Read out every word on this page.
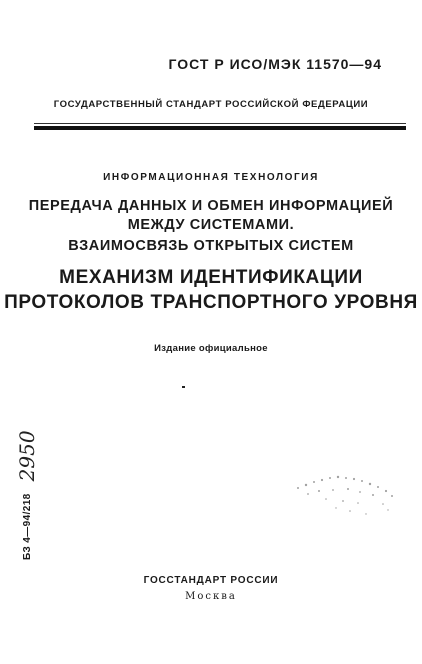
ГОСТ Р ИСО/МЭК 11570—94
ГОСУДАРСТВЕННЫЙ СТАНДАРТ РОССИЙСКОЙ ФЕДЕРАЦИИ
ИНФОРМАЦИОННАЯ ТЕХНОЛОГИЯ
ПЕРЕДАЧА ДАННЫХ И ОБМЕН ИНФОРМАЦИЕЙ
МЕЖДУ СИСТЕМАМИ.
ВЗАИМОСВЯЗЬ ОТКРЫТЫХ СИСТЕМ
МЕХАНИЗМ ИДЕНТИФИКАЦИИ
ПРОТОКОЛОВ ТРАНСПОРТНОГО УРОВНЯ
Издание официальное
БЗ 4—94/218
2950
ГОССТАНДАРТ РОССИИ
Москва
